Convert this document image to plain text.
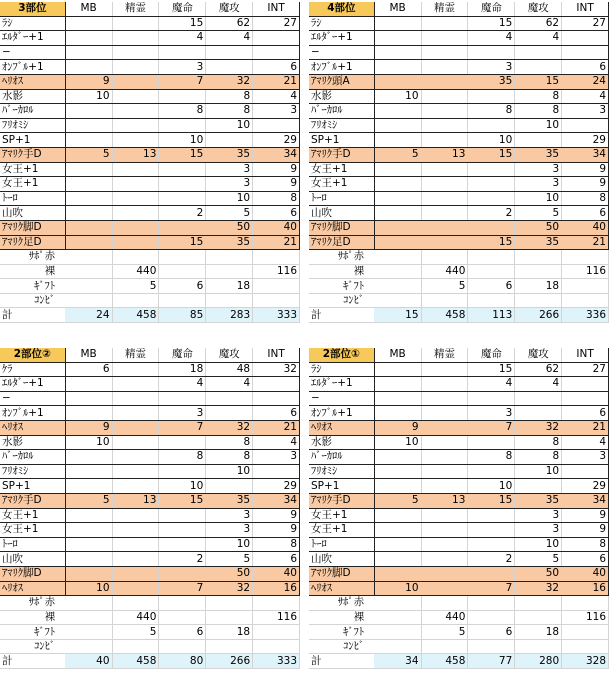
3部位	MB	精霊	魔命	魔攻	INT
ﾗｼ			15	62	27
ｴﾙﾀﾞｰ+1			4	4	
−					
ｵﾝﾌﾞﾙ+1			3		6
ﾍﾘｵｽ	9		7	32	21
水影	10			8	4
ﾊﾞｰｶﾛﾙ			8	8	3
ﾌﾘｵﾐｼ				10	
SP+1			10		29
ｱﾏﾘｸ手D	5	13	15	35	34
女王+1				3	9
女王+1				3	9
ﾄｰﾛ				10	8
山吹			2	5	6
ｱﾏﾘｸ脚D				50	40
ｱﾏﾘｸ足D			15	35	21
ｻﾎﾟ赤					
裸		440			116
ｷﾞﾌﾄ		5	6	18	
ｺﾝﾋﾞ					
計	24	458	85	283	333
4部位	MB	精霊	魔命	魔攻	INT
ﾗｼ			15	62	27
ｴﾙﾀﾞｰ+1			4	4	
−					
ｵﾝﾌﾞﾙ+1			3		6
ｱﾏﾘｸ頭A			35	15	24
水影	10			8	4
ﾊﾞｰｶﾛﾙ			8	8	3
ﾌﾘｵﾐｼ				10	
SP+1			10		29
ｱﾏﾘｸ手D	5	13	15	35	34
女王+1				3	9
女王+1				3	9
ﾄｰﾛ				10	8
山吹			2	5	6
ｱﾏﾘｸ脚D				50	40
ｱﾏﾘｸ足D			15	35	21
ｻﾎﾟ赤					
裸		440			116
ｷﾞﾌﾄ		5	6	18	
ｺﾝﾋﾞ					
計	15	458	113	266	336
2部位②	MB	精霊	魔命	魔攻	INT
ｹﾗ	6		18	48	32
ｴﾙﾀﾞｰ+1			4	4	
−					
ｵﾝﾌﾞﾙ+1			3		6
ﾍﾘｵｽ	9		7	32	21
水影	10			8	4
ﾊﾞｰｶﾛﾙ			8	8	3
ﾌﾘｵﾐｼ				10	
SP+1			10		29
ｱﾏﾘｸ手D	5	13	15	35	34
女王+1				3	9
女王+1				3	9
ﾄｰﾛ				10	8
山吹			2	5	6
ｱﾏﾘｸ脚D				50	40
ﾍﾘｵｽ	10		7	32	16
ｻﾎﾟ赤					
裸		440			116
ｷﾞﾌﾄ		5	6	18	
ｺﾝﾋﾞ					
計	40	458	80	266	333
2部位①	MB	精霊	魔命	魔攻	INT
ﾗｼ			15	62	27
ｴﾙﾀﾞｰ+1			4	4	
−					
ｵﾝﾌﾞﾙ+1			3		6
ﾍﾘｵｽ	9		7	32	21
水影	10			8	4
ﾊﾞｰｶﾛﾙ			8	8	3
ﾌﾘｵﾐｼ				10	
SP+1			10		29
ｱﾏﾘｸ手D	5	13	15	35	34
女王+1				3	9
女王+1				3	9
ﾄｰﾛ				10	8
山吹			2	5	6
ｱﾏﾘｸ脚D				50	40
ﾍﾘｵｽ	10		7	32	16
ｻﾎﾟ赤					
裸		440			116
ｷﾞﾌﾄ		5	6	18	
ｺﾝﾋﾞ					
計	34	458	77	280	328
